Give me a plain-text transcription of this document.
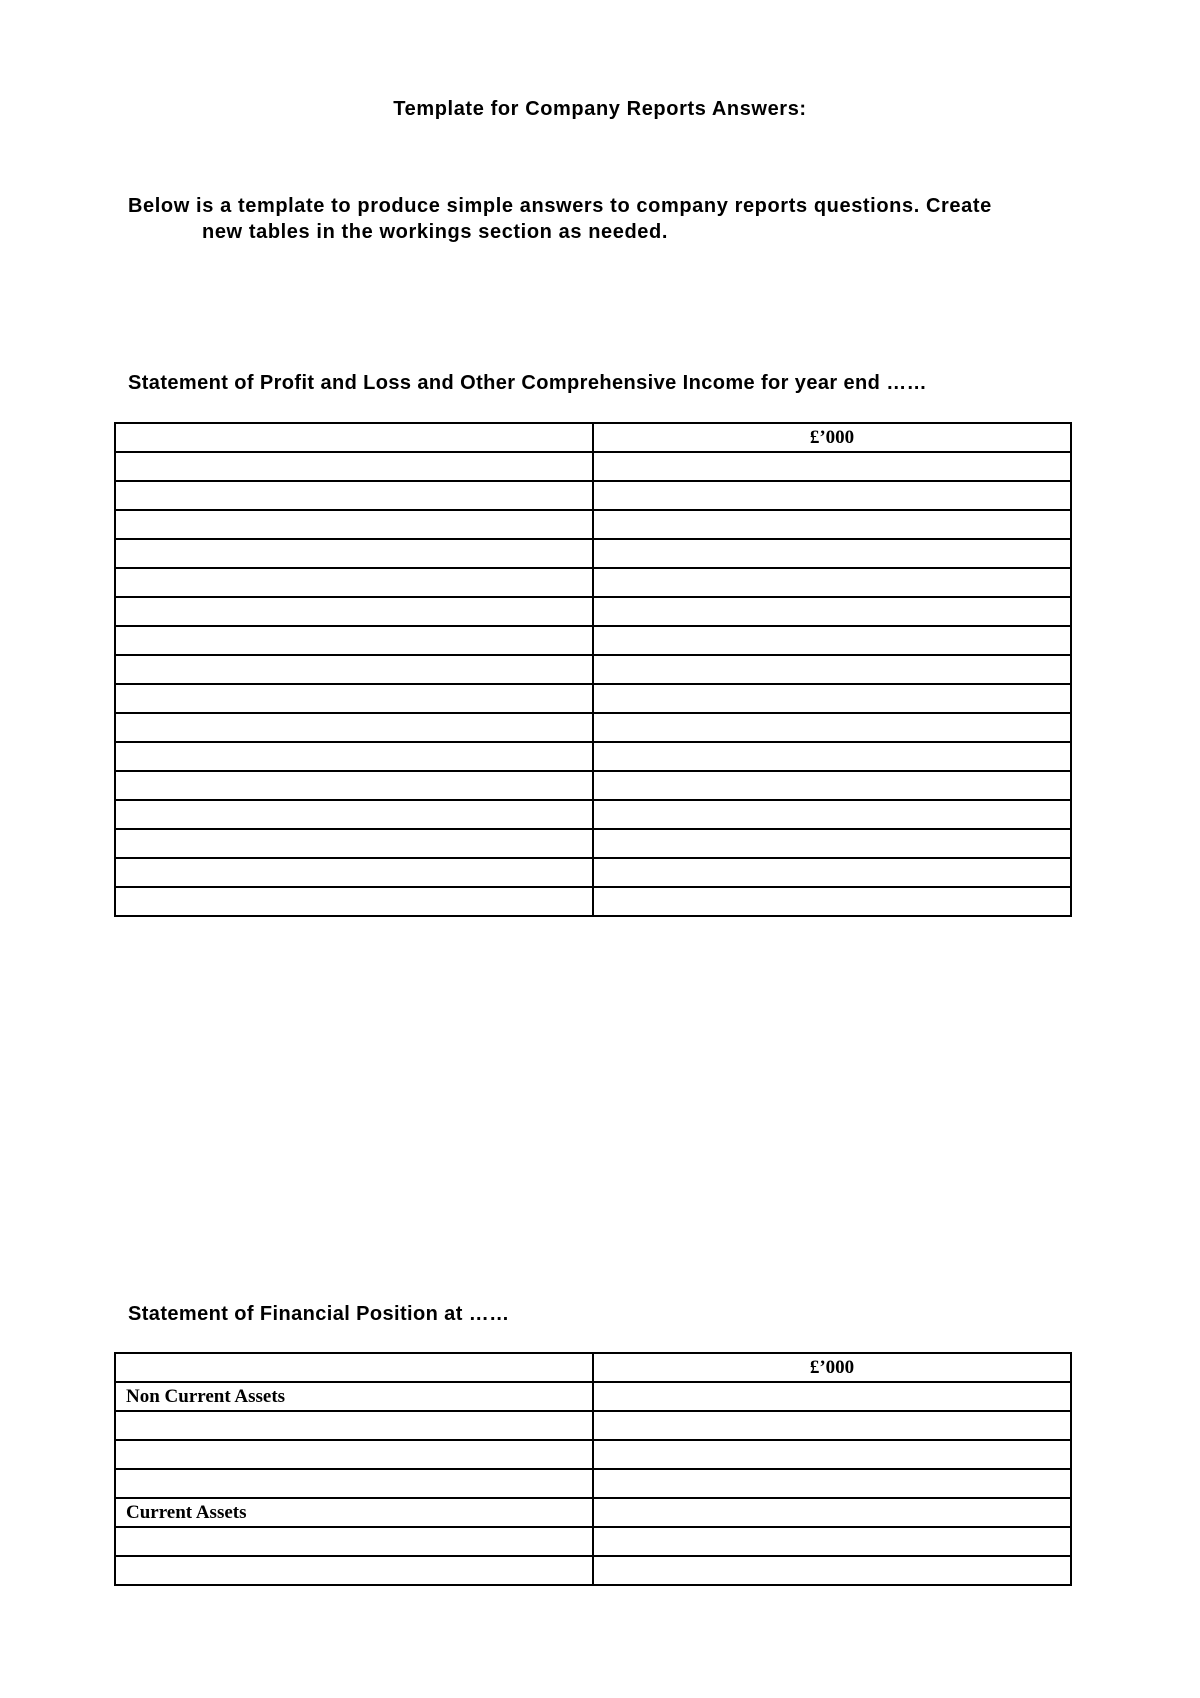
Template for Company Reports Answers:
Below is a template to produce simple answers to company reports questions. Create
new tables in the workings section as needed.
Statement of Profit and Loss and Other Comprehensive Income for year end ……
	£’000

Statement of Financial Position at ……
	£’000
Non Current Assets	

Current Assets	
